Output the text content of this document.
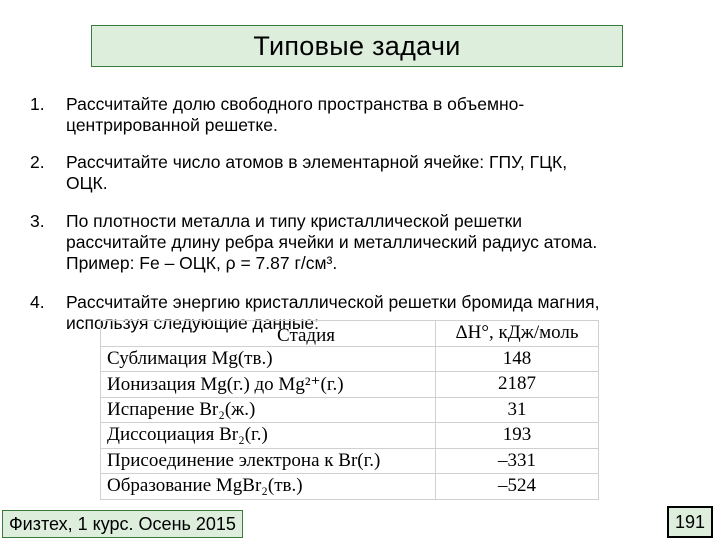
Типовые задачи
1. Рассчитайте долю свободного пространства в объемно-
центрированной решетке.
2. Рассчитайте число атомов в элементарной ячейке: ГПУ, ГЦК,
ОЦК.
3. По плотности металла и типу кристаллической решетки
рассчитайте длину ребра ячейки и металлический радиус атома.
Пример: Fe – ОЦК, ρ = 7.87 г/см³.
4. Рассчитайте энергию кристаллической решетки бромида магния,
используя следующие данные:
Стадия	ΔH°, кДж/моль
Сублимация Mg(тв.)	148
Ионизация Mg(г.) до Mg²⁺(г.)	2187
Испарение Br₂(ж.)	31
Диссоциация Br₂(г.)	193
Присоединение электрона к Br(г.)	–331
Образование MgBr₂(тв.)	–524
Физтех, 1 курс. Осень 2015	191
